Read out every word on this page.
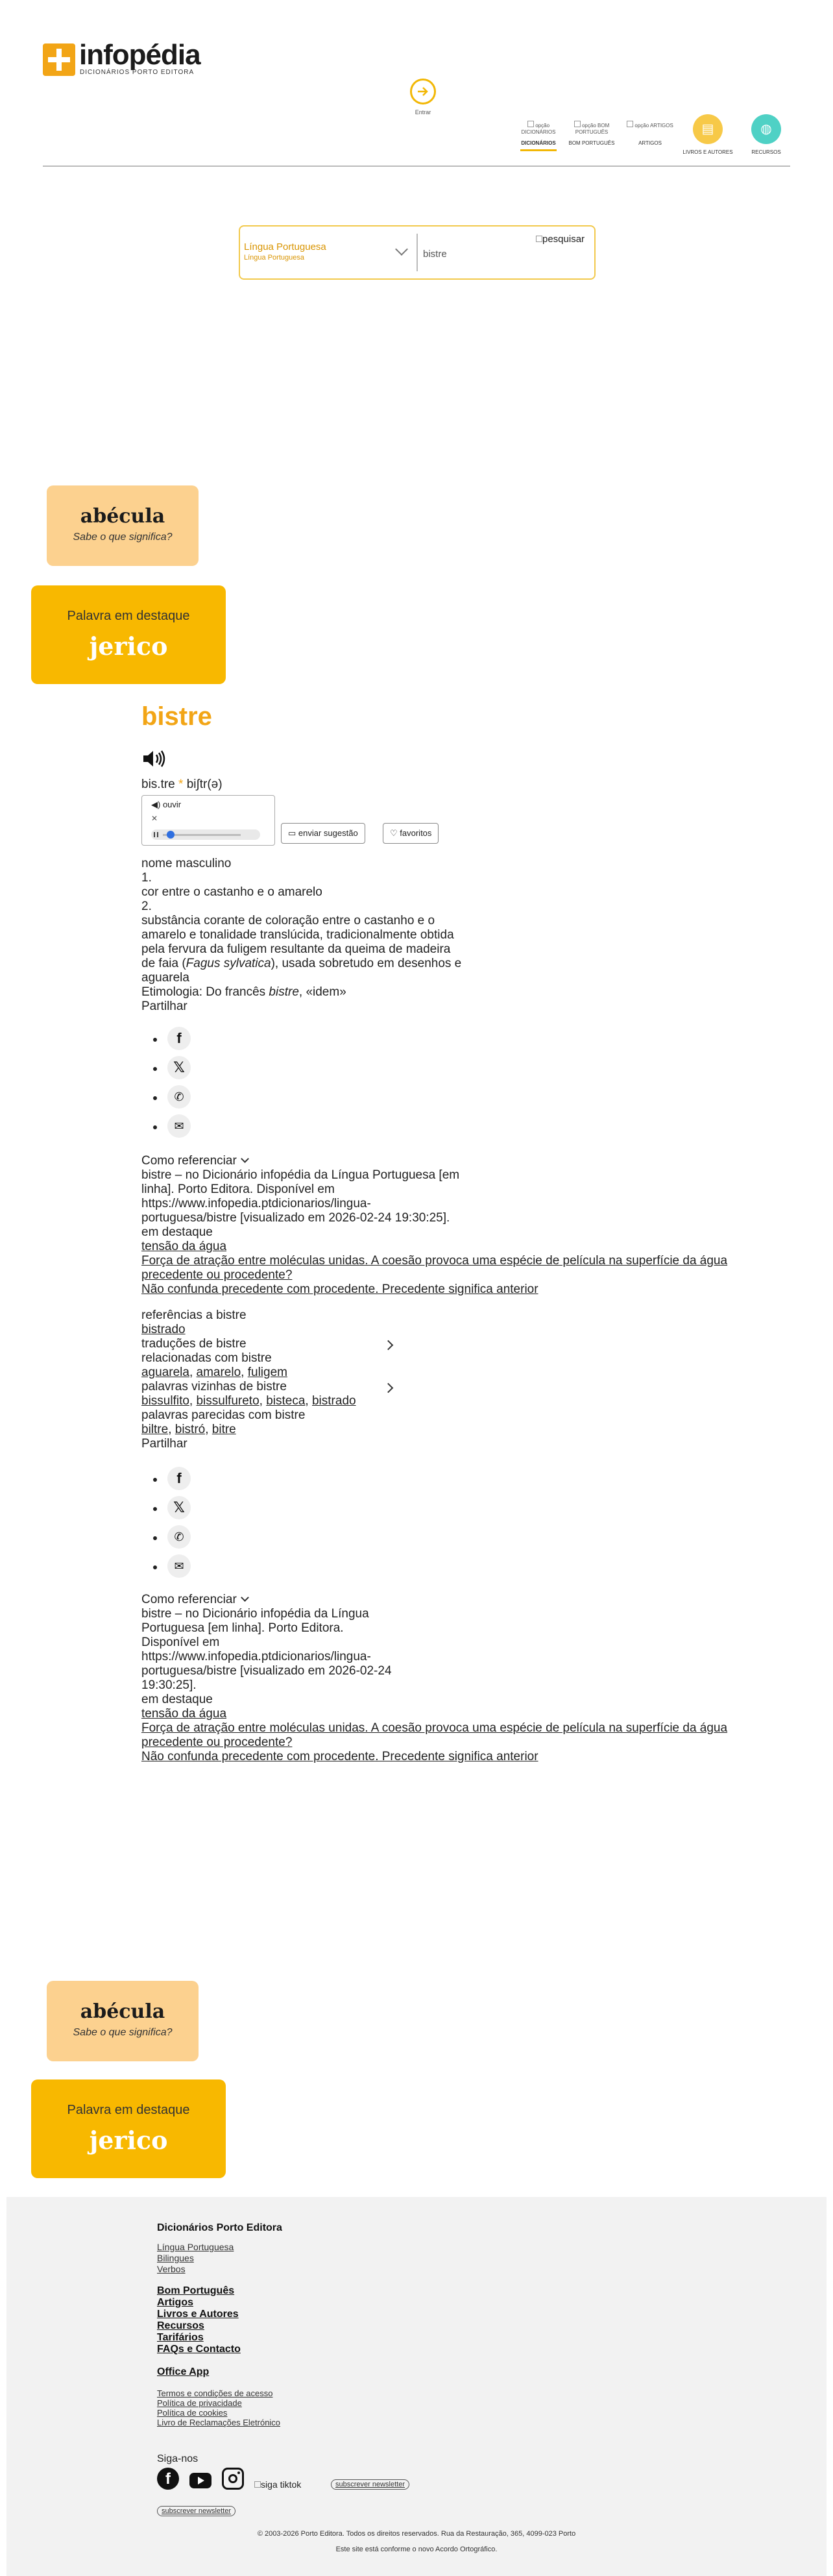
infopédia
DICIONÁRIOS PORTO EDITORA
Entrar
opção DICIONÁRIOS
opção BOM PORTUGUÊS
opção ARTIGOS
DICIONÁRIOS	BOM PORTUGUÊS	ARTIGOS
▤
LIVROS E AUTORES
◍
RECURSOS
Língua Portuguesa
Língua Portuguesa
bistre
pesquisar
abécula
Sabe o que significa?
Palavra em destaque
jerico
bistre
bis.tre * bi∫tr(ə)
◀) ouvir
✕
▭ enviar sugestão	♡ favoritos
nome masculino
1.
cor entre o castanho e o amarelo
2.
substância corante de coloração entre o castanho e o amarelo e tonalidade translúcida, tradicionalmente obtida pela fervura da fuligem resultante da queima de madeira de faia (Fagus sylvatica), usada sobretudo em desenhos e aguarela
Etimologia: Do francês bistre, «idem»
Partilhar
f
𝕏
✆
✉
Como referenciar
bistre – no Dicionário infopédia da Língua Portuguesa [em linha]. Porto Editora. Disponível em https://www.infopedia.ptdicionarios/lingua-portuguesa/bistre [visualizado em 2026-02-24 19:30:25].
em destaque
tensão da água
Força de atração entre moléculas unidas. A coesão provoca uma espécie de película na superfície da água
precedente ou procedente?
Não confunda precedente com procedente. Precedente significa anterior
referências a bistre
bistrado
traduções de bistre
relacionadas com bistre
aguarela, amarelo, fuligem
palavras vizinhas de bistre
bissulfito, bissulfureto, bisteca, bistrado
palavras parecidas com bistre
biltre, bistró, bitre
Partilhar
f
𝕏
✆
✉
Como referenciar
bistre – no Dicionário infopédia da Língua Portuguesa [em linha]. Porto Editora. Disponível em https://www.infopedia.ptdicionarios/lingua-portuguesa/bistre [visualizado em 2026-02-24 19:30:25].
em destaque
tensão da água
Força de atração entre moléculas unidas. A coesão provoca uma espécie de película na superfície da água
precedente ou procedente?
Não confunda precedente com procedente. Precedente significa anterior
abécula
Sabe o que significa?
Palavra em destaque
jerico
Dicionários Porto Editora
Língua Portuguesa
Bilingues
Verbos
Bom Português
Artigos
Livros e Autores
Recursos
Tarifários
FAQs e Contacto
Office App
Termos e condições de acesso
Política de privacidade
Política de cookies
Livro de Reclamações Eletrónico
Siga-nos
f	siga tiktok	subscrever newsletter
subscrever newsletter
© 2003-2026 Porto Editora. Todos os direitos reservados. Rua da Restauração, 365, 4099-023 Porto
Este site está conforme o novo Acordo Ortográfico.
